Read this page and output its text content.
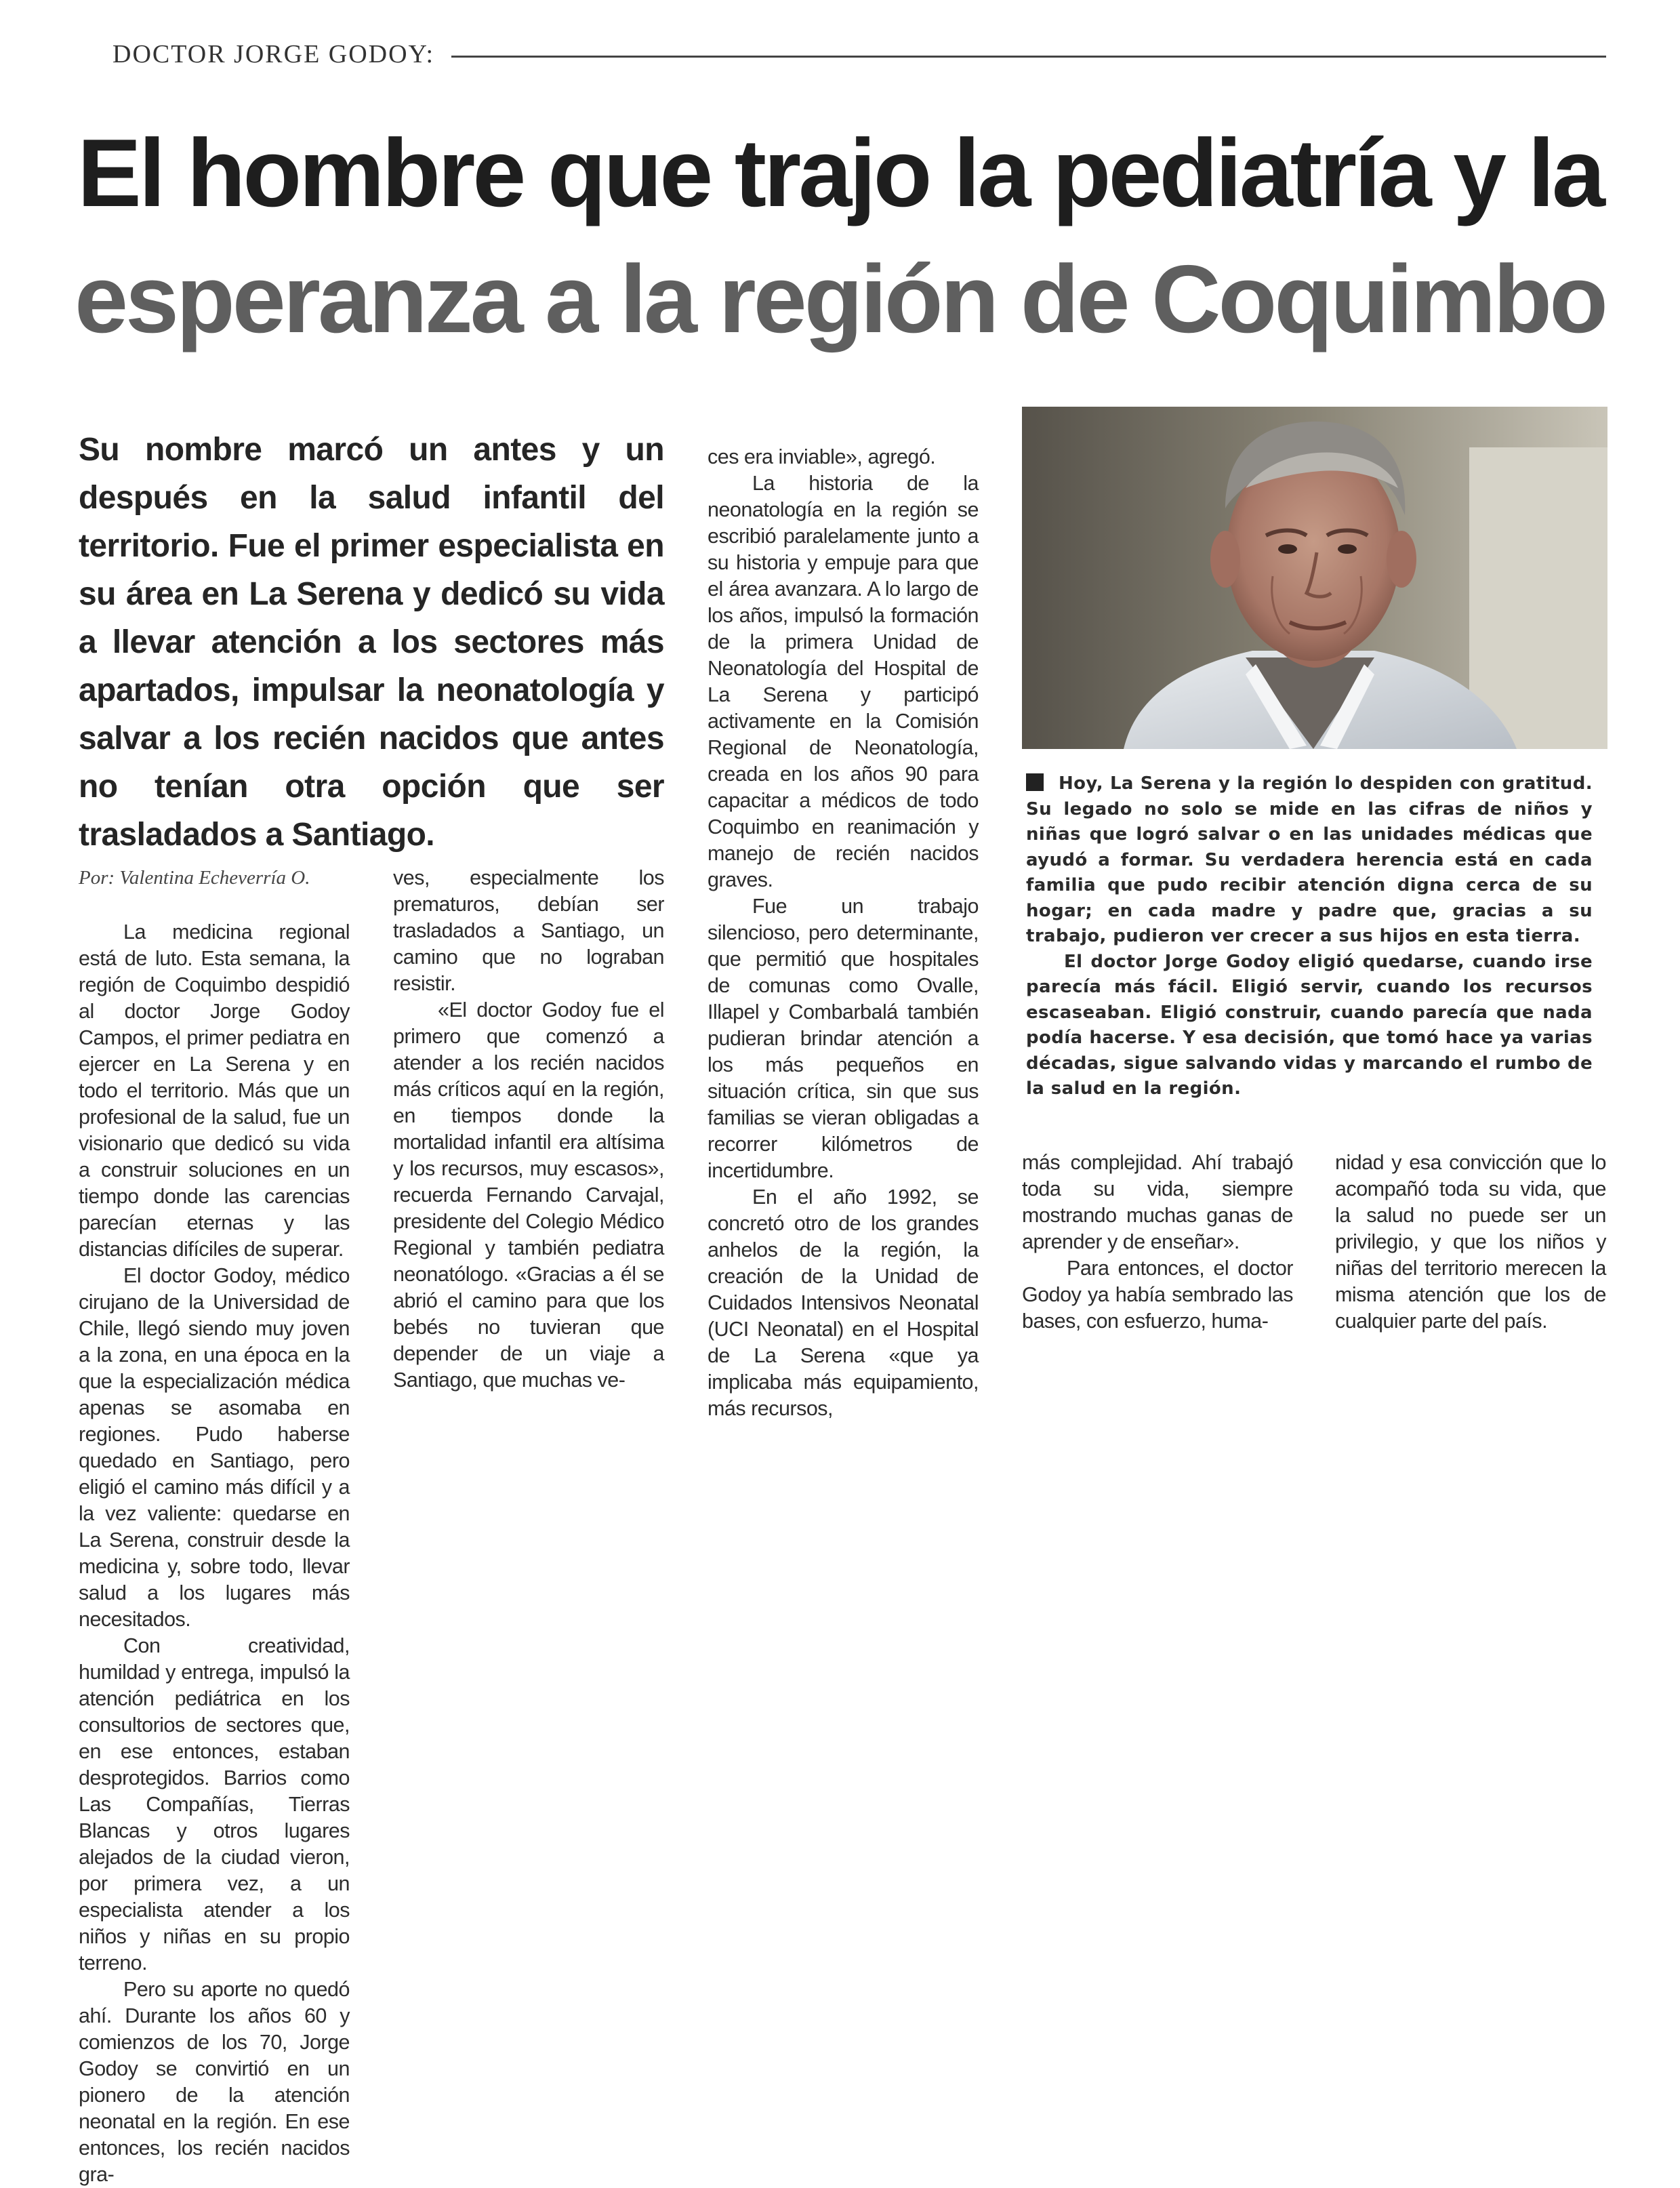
DOCTOR JORGE GODOY:
El hombre que trajo la pediatría y la
esperanza a la región de Coquimbo
Su nombre marcó un antes y un después en la salud infantil del territorio. Fue el primer especialista en su área en La Serena y dedicó su vida a llevar atención a los sectores más apartados, impulsar la neonatología y salvar a los recién nacidos que antes no tenían otra opción que ser trasladados a Santiago.
Por: Valentina Echeverría O.

La medicina regional está de luto. Esta semana, la región de Coquimbo despidió al doctor Jorge Godoy Campos, el primer pediatra en ejercer en La Serena y en todo el territorio. Más que un profesional de la salud, fue un visionario que dedicó su vida a construir soluciones en un tiempo donde las carencias parecían eternas y las distancias difíciles de superar.

El doctor Godoy, médico cirujano de la Universidad de Chile, llegó siendo muy joven a la zona, en una época en la que la especialización médica apenas se asomaba en regiones. Pudo haberse quedado en Santiago, pero eligió el camino más difícil y a la vez valiente: quedarse en La Serena, construir desde la medicina y, sobre todo, llevar salud a los lugares más necesitados.

Con creatividad, humildad y entrega, impulsó la atención pediátrica en los consultorios de sectores que, en ese entonces, estaban desprotegidos. Barrios como Las Compañías, Tierras Blancas y otros lugares alejados de la ciudad vieron, por primera vez, a un especialista atender a los niños y niñas en su propio terreno.

Pero su aporte no quedó ahí. Durante los años 60 y comienzos de los 70, Jorge Godoy se convirtió en un pionero de la atención neonatal en la región. En ese entonces, los recién nacidos gra-

ves, especialmente los prematuros, debían ser trasladados a Santiago, un camino que no lograban resistir.

«El doctor Godoy fue el primero que comenzó a atender a los recién nacidos más críticos aquí en la región, en tiempos donde la mortalidad infantil era altísima y los recursos, muy escasos», recuerda Fernando Carvajal, presidente del Colegio Médico Regional y también pediatra neonatólogo. «Gracias a él se abrió el camino para que los bebés no tuvieran que depender de un viaje a Santiago, que muchas ve-

ces era inviable», agregó.

La historia de la neonatología en la región se escribió paralelamente junto a su historia y empuje para que el área avanzara. A lo largo de los años, impulsó la formación de la primera Unidad de Neonatología del Hospital de La Serena y participó activamente en la Comisión Regional de Neonatología, creada en los años 90 para capacitar a médicos de todo Coquimbo en reanimación y manejo de recién nacidos graves.

Fue un trabajo silencioso, pero determinante, que permitió que hospitales de comunas como Ovalle, Illapel y Combarbalá también pudieran brindar atención a los más pequeños en situación crítica, sin que sus familias se vieran obligadas a recorrer kilómetros de incertidumbre.

En el año 1992, se concretó otro de los grandes anhelos de la región, la creación de la Unidad de Cuidados Intensivos Neonatal (UCI Neonatal) en el Hospital de La Serena «que ya implicaba más equipamiento, más recursos,

Hoy, La Serena y la región lo despiden con gratitud. Su legado no solo se mide en las cifras de niños y niñas que logró salvar o en las unidades médicas que ayudó a formar. Su verdadera herencia está en cada familia que pudo recibir atención digna cerca de su hogar; en cada madre y padre que, gracias a su trabajo, pudieron ver crecer a sus hijos en esta tierra.

El doctor Jorge Godoy eligió quedarse, cuando irse parecía más fácil. Eligió servir, cuando los recursos escaseaban. Eligió construir, cuando parecía que nada podía hacerse. Y esa decisión, que tomó hace ya varias décadas, sigue salvando vidas y marcando el rumbo de la salud en la región.

más complejidad. Ahí trabajó toda su vida, siempre mostrando muchas ganas de aprender y de enseñar».

Para entonces, el doctor Godoy ya había sembrado las bases, con esfuerzo, huma-

nidad y esa convicción que lo acompañó toda su vida, que la salud no puede ser un privilegio, y que los niños y niñas del territorio merecen la misma atención que los de cualquier parte del país.
